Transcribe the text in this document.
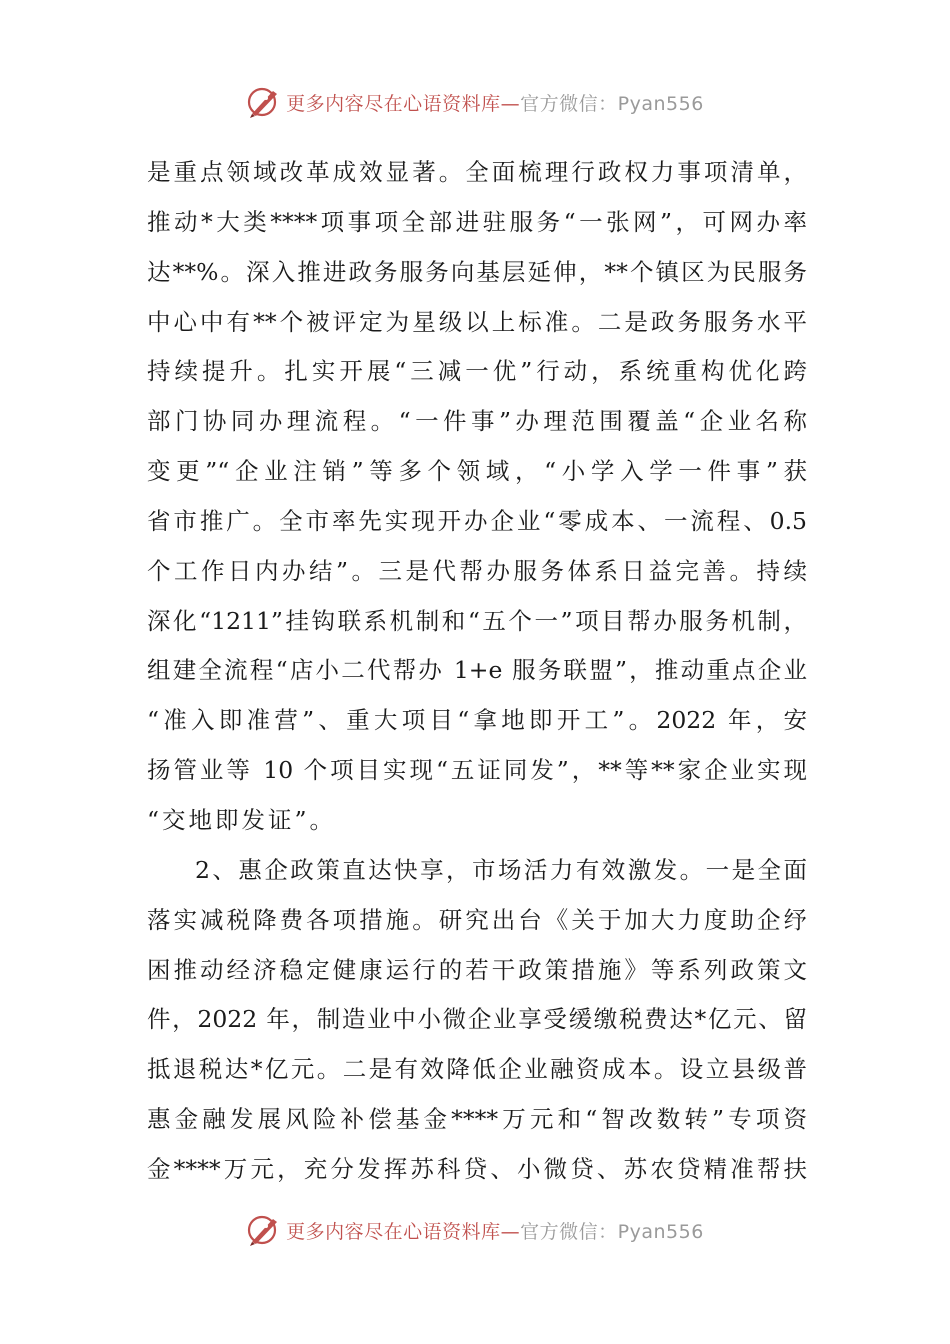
更多内容尽在心语资料库—官方微信：Pyan556
是重点领域改革成效显著。全面梳理行政权力事项清单，
推动*大类****项事项全部进驻服务“一张网”，可网办率
达**%。深入推进政务服务向基层延伸，**个镇区为民服务
中心中有**个被评定为星级以上标准。二是政务服务水平
持续提升。扎实开展“三减一优”行动，系统重构优化跨
部门协同办理流程。“一件事”办理范围覆盖“企业名称
变更”“企业注销”等多个领域，“小学入学一件事”获
省市推广。全市率先实现开办企业“零成本、一流程、0.5
个工作日内办结”。三是代帮办服务体系日益完善。持续
深化“1211”挂钩联系机制和“五个一”项目帮办服务机制，
组建全流程“店小二代帮办 1+e 服务联盟”，推动重点企业
“准入即准营”、重大项目“拿地即开工”。2022 年，安
扬管业等 10 个项目实现“五证同发”，**等**家企业实现
“交地即发证”。
2、惠企政策直达快享，市场活力有效激发。一是全面
落实减税降费各项措施。研究出台《关于加大力度助企纾
困推动经济稳定健康运行的若干政策措施》等系列政策文
件，2022 年，制造业中小微企业享受缓缴税费达*亿元、留
抵退税达*亿元。二是有效降低企业融资成本。设立县级普
惠金融发展风险补偿基金****万元和“智改数转”专项资
金****万元，充分发挥苏科贷、小微贷、苏农贷精准帮扶
更多内容尽在心语资料库—官方微信：Pyan556
